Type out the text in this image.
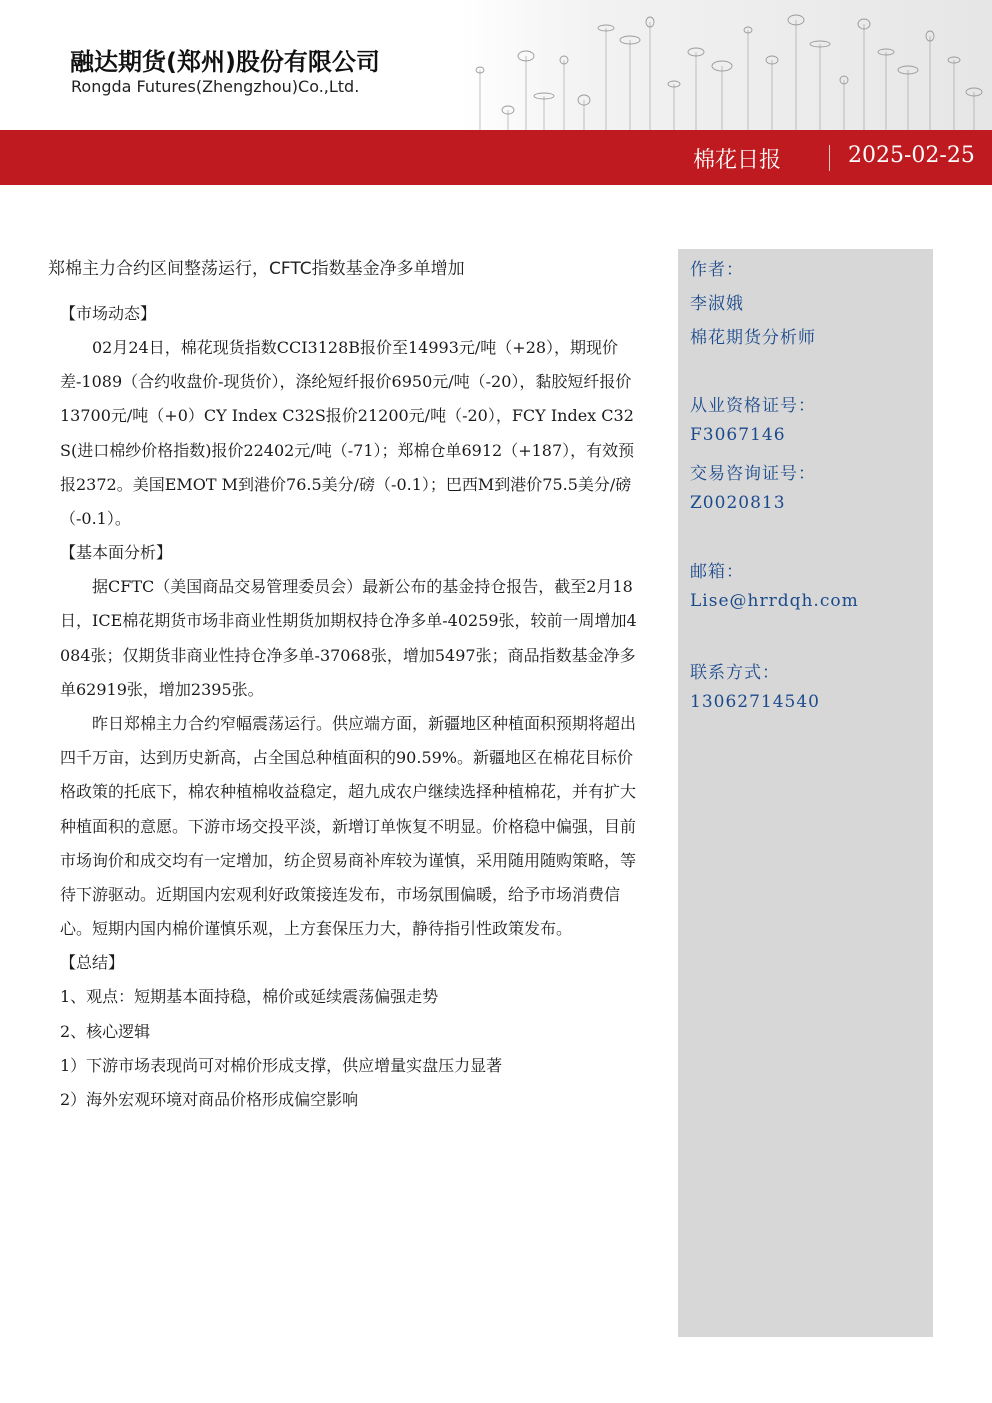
融达期货(郑州)股份有限公司
Rongda Futures(Zhengzhou)Co.,Ltd.
棉花日报	2025-02-25
郑棉主力合约区间整荡运行，CFTC指数基金净多单增加
【市场动态】
02月24日，棉花现货指数CCI3128B报价至14993元/吨（+28），期现价差-1089（合约收盘价-现货价），涤纶短纤报价6950元/吨（-20），黏胶短纤报价13700元/吨（+0）CY Index C32S报价21200元/吨（-20），FCY Index C32S(进口棉纱价格指数)报价22402元/吨（-71）；郑棉仓单6912（+187），有效预报2372。美国EMOT M到港价76.5美分/磅（-0.1）；巴西M到港价75.5美分/磅（-0.1）。
【基本面分析】
据CFTC（美国商品交易管理委员会）最新公布的基金持仓报告，截至2月18日，ICE棉花期货市场非商业性期货加期权持仓净多单-40259张，较前一周增加4084张；仅期货非商业性持仓净多单-37068张，增加5497张；商品指数基金净多单62919张，增加2395张。
昨日郑棉主力合约窄幅震荡运行。供应端方面，新疆地区种植面积预期将超出四千万亩，达到历史新高，占全国总种植面积的90.59%。新疆地区在棉花目标价格政策的托底下，棉农种植棉收益稳定，超九成农户继续选择种植棉花，并有扩大种植面积的意愿。下游市场交投平淡，新增订单恢复不明显。价格稳中偏强，目前市场询价和成交均有一定增加，纺企贸易商补库较为谨慎，采用随用随购策略，等待下游驱动。近期国内宏观利好政策接连发布，市场氛围偏暖，给予市场消费信心。短期内国内棉价谨慎乐观，上方套保压力大，静待指引性政策发布。
【总结】
1、观点：短期基本面持稳，棉价或延续震荡偏强走势
2、核心逻辑
1）下游市场表现尚可对棉价形成支撑，供应增量实盘压力显著
2）海外宏观环境对商品价格形成偏空影响
作者：
李淑娥
棉花期货分析师
从业资格证号：
F3067146
交易咨询证号：
Z0020813
邮箱：
Lise@hrrdqh.com
联系方式：
13062714540
